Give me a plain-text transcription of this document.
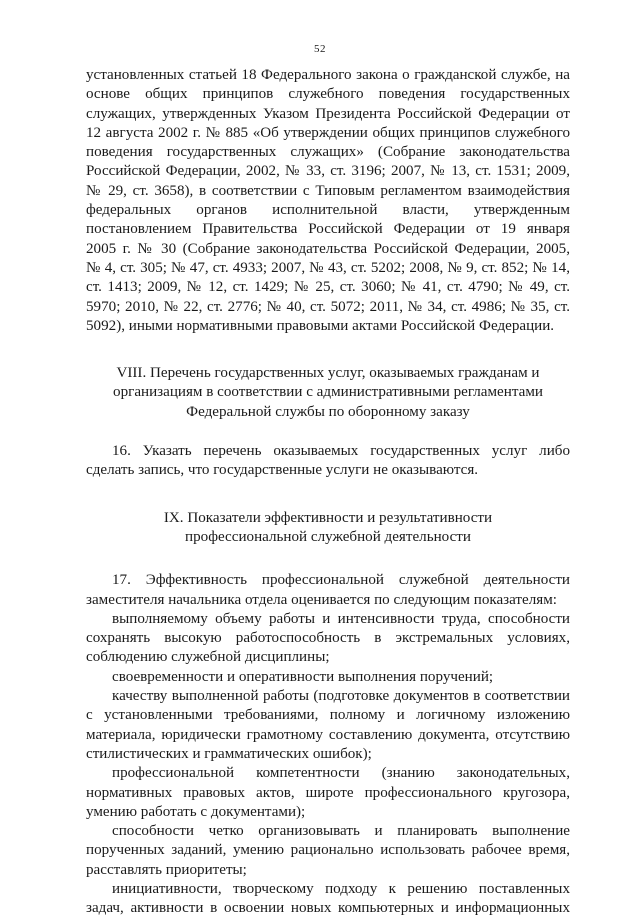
52
установленных статьей 18 Федерального закона о гражданской службе, на
основе общих принципов служебного поведения государственных
служащих, утвержденных Указом Президента Российской Федерации от
12 августа 2002 г. № 885 «Об утверждении общих принципов служебного
поведения государственных служащих» (Собрание законодательства
Российской Федерации, 2002, № 33, ст. 3196; 2007, № 13, ст. 1531; 2009,
№ 29, ст. 3658), в соответствии с Типовым регламентом взаимодействия
федеральных органов исполнительной власти, утвержденным
постановлением Правительства Российской Федерации от 19 января
2005 г. № 30 (Собрание законодательства Российской Федерации, 2005,
№ 4, ст. 305; № 47, ст. 4933; 2007, № 43, ст. 5202; 2008, № 9, ст. 852; № 14,
ст. 1413; 2009, № 12, ст. 1429; № 25, ст. 3060; № 41, ст. 4790; № 49, ст.
5970; 2010, № 22, ст. 2776; № 40, ст. 5072; 2011, № 34, ст. 4986; № 35, ст.
5092), иными нормативными правовыми актами Российской Федерации.
VIII. Перечень государственных услуг, оказываемых гражданам и
организациям в соответствии с административными регламентами
Федеральной службы по оборонному заказу
16. Указать перечень оказываемых государственных услуг либо
сделать запись, что государственные услуги не оказываются.
IX. Показатели эффективности и результативности
профессиональной служебной деятельности
17. Эффективность профессиональной служебной деятельности
заместителя начальника отдела оценивается по следующим показателям:
выполняемому объему работы и интенсивности труда, способности
сохранять высокую работоспособность в экстремальных условиях,
соблюдению служебной дисциплины;
своевременности и оперативности выполнения поручений;
качеству выполненной работы (подготовке документов в соответствии
с установленными требованиями, полному и логичному изложению
материала, юридически грамотному составлению документа, отсутствию
стилистических и грамматических ошибок);
профессиональной компетентности (знанию законодательных,
нормативных правовых актов, широте профессионального кругозора,
умению работать с документами);
способности четко организовывать и планировать выполнение
порученных заданий, умению рационально использовать рабочее время,
расставлять приоритеты;
инициативности, творческому подходу к решению поставленных
задач, активности в освоении новых компьютерных и информационных
